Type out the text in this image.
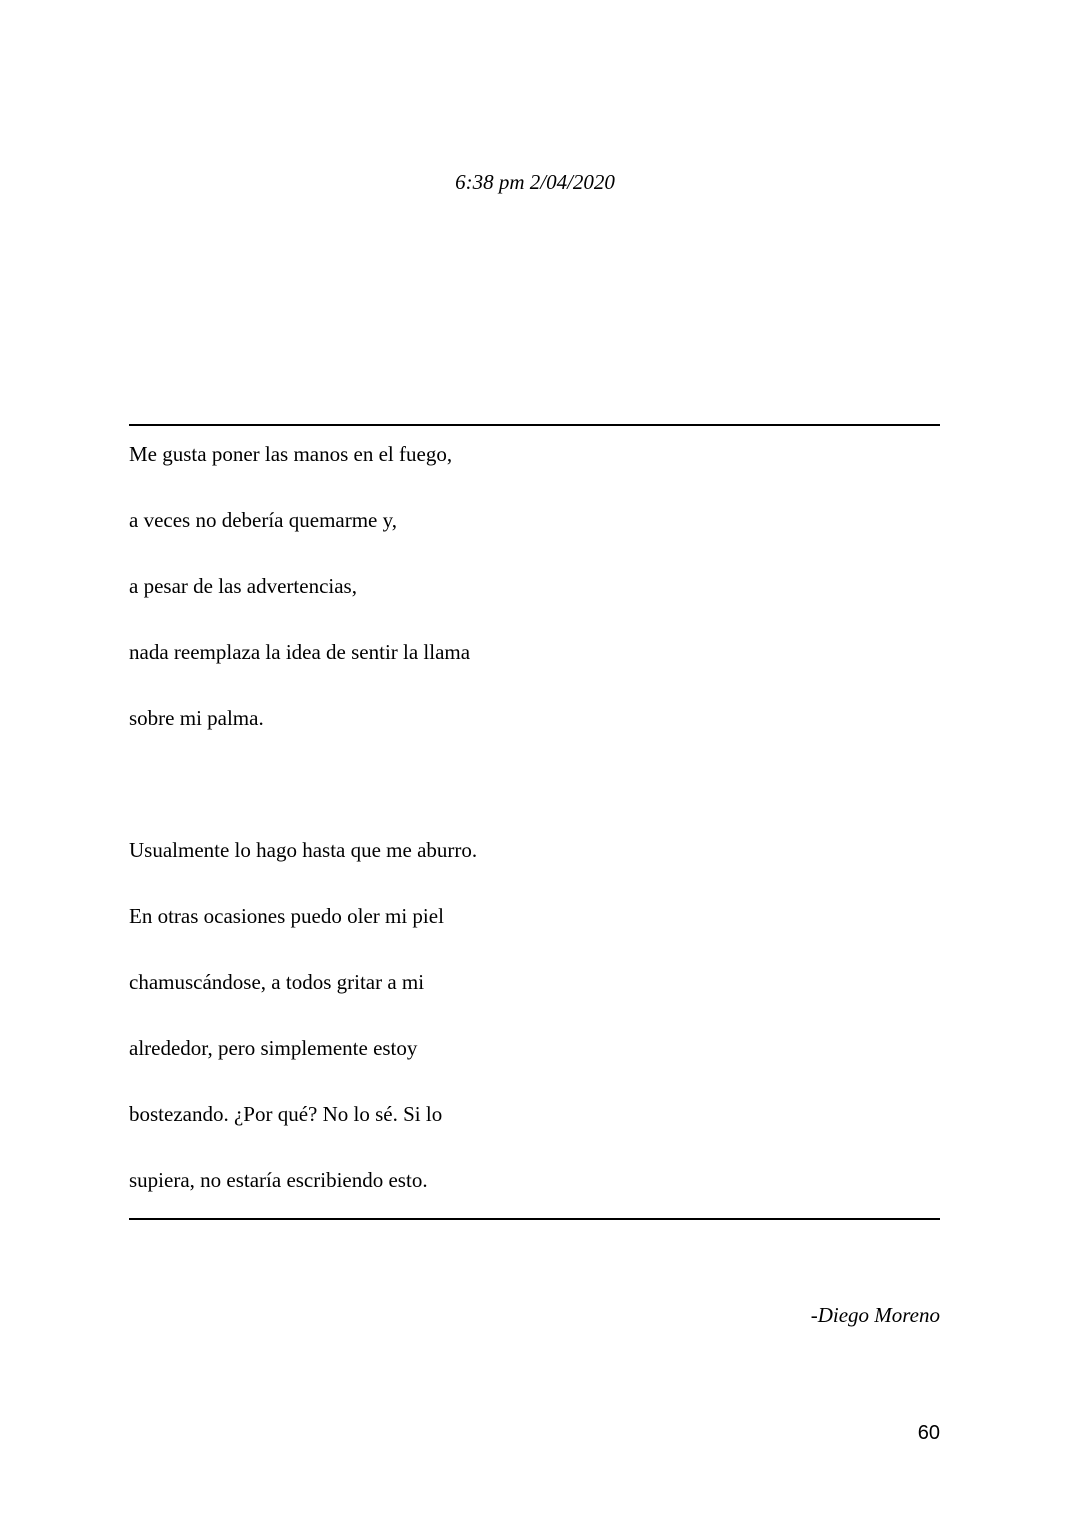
6:38 pm 2/04/2020
Me gusta poner las manos en el fuego,
a veces no debería quemarme y,
a pesar de las advertencias,
nada reemplaza la idea de sentir la llama
sobre mi palma.
Usualmente lo hago hasta que me aburro.
En otras ocasiones puedo oler mi piel
chamuscándose, a todos gritar a mi
alrededor, pero simplemente estoy
bostezando. ¿Por qué? No lo sé. Si lo
supiera, no estaría escribiendo esto.
-Diego Moreno
60
